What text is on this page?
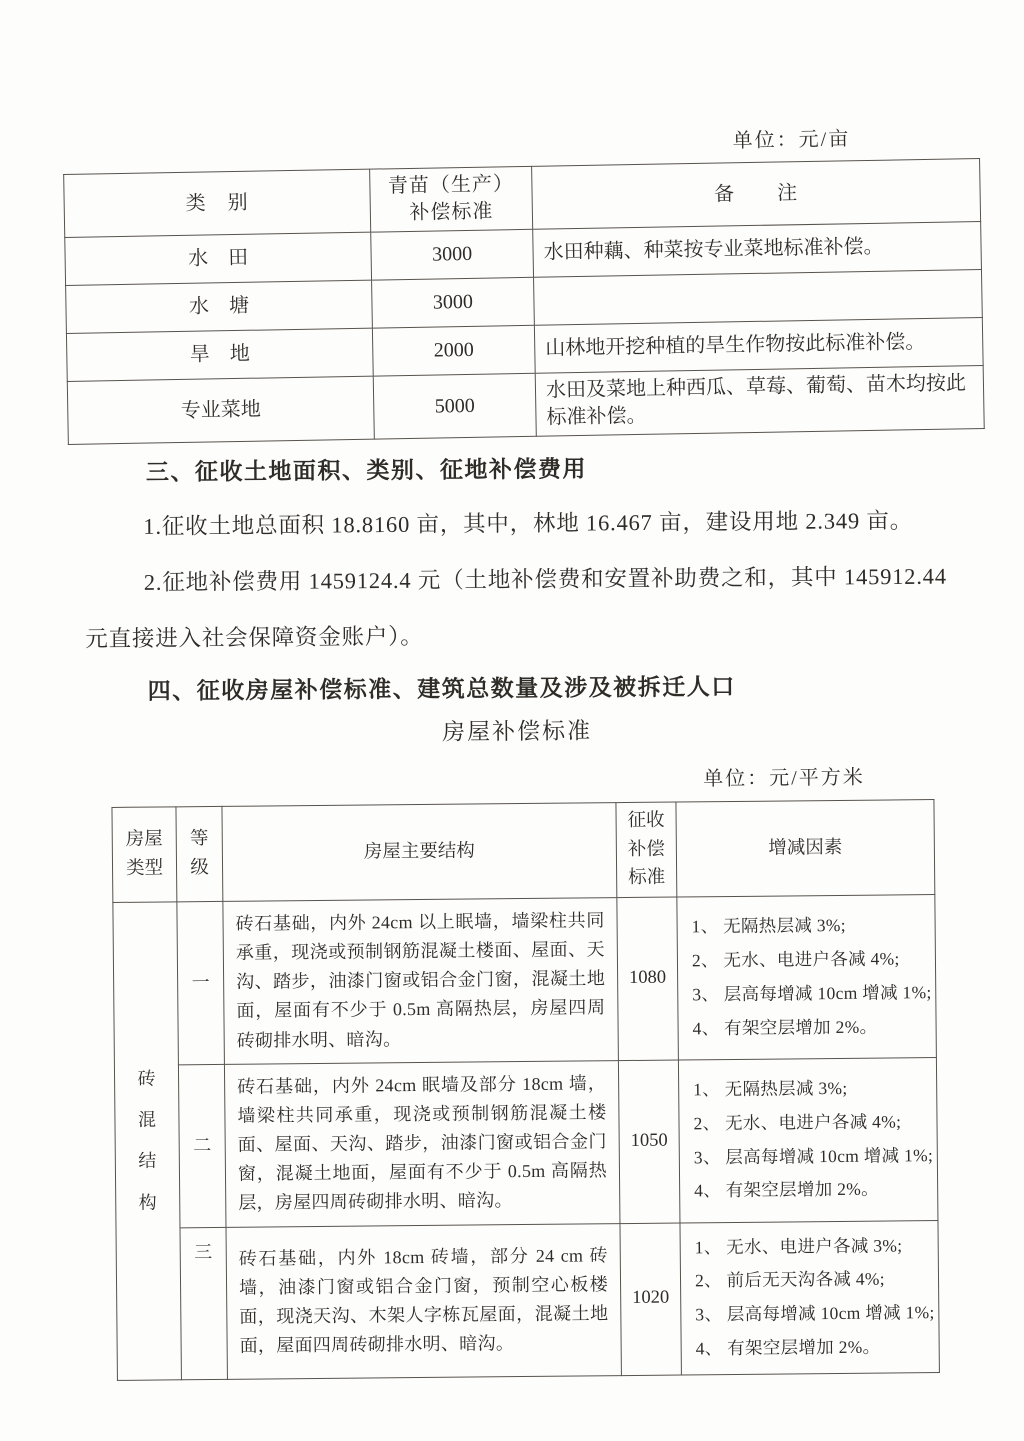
单位：元/亩
类　别	青苗（生产）补偿标准	备　　注
水　田	3000	水田种藕、种菜按专业菜地标准补偿。
水　塘	3000	
旱　地	2000	山林地开挖种植的旱生作物按此标准补偿。
专业菜地	5000	水田及菜地上种西瓜、草莓、葡萄、苗木均按此标准补偿。
三、征收土地面积、类别、征地补偿费用

1.征收土地总面积 18.8160 亩，其中，林地 16.467 亩，建设用地 2.349 亩。

2.征地补偿费用 1459124.4 元（土地补偿费和安置补助费之和，其中 145912.44 元直接进入社会保障资金账户）。

四、征收房屋补偿标准、建筑总数量及涉及被拆迁人口
房屋补偿标准
单位：元/平方米
房屋类型	等级	房屋主要结构	征收补偿标准	增减因素
砖混结构	一	砖石基础，内外 24cm 以上眠墙，墙梁柱共同承重，现浇或预制钢筋混凝土楼面、屋面、天沟、踏步，油漆门窗或铝合金门窗，混凝土地面，屋面有不少于 0.5m 高隔热层，房屋四周砖砌排水明、暗沟。	1080	1、 无隔热层减 3%;
2、 无水、电进户各减 4%;
3、 层高每增减 10cm 增减 1%;
4、 有架空层增加 2%。

	二	砖石基础，内外 24cm 眠墙及部分 18cm 墙，墙梁柱共同承重，现浇或预制钢筋混凝土楼面、屋面、天沟、踏步，油漆门窗或铝合金门窗，混凝土地面，屋面有不少于 0.5m 高隔热层，房屋四周砖砌排水明、暗沟。	1050	1、 无隔热层减 3%;
2、 无水、电进户各减 4%;
3、 层高每增减 10cm 增减 1%;
4、 有架空层增加 2%。

	三	砖石基础，内外 18cm 砖墙，部分 24 cm 砖墙，油漆门窗或铝合金门窗，预制空心板楼面，现浇天沟、木架人字栋瓦屋面，混凝土地面，屋面四周砖砌排水明、暗沟。	1020	1、 无水、电进户各减 3%;
2、 前后无天沟各减 4%;
3、 层高每增减 10cm 增减 1%;
4、 有架空层增加 2%。
